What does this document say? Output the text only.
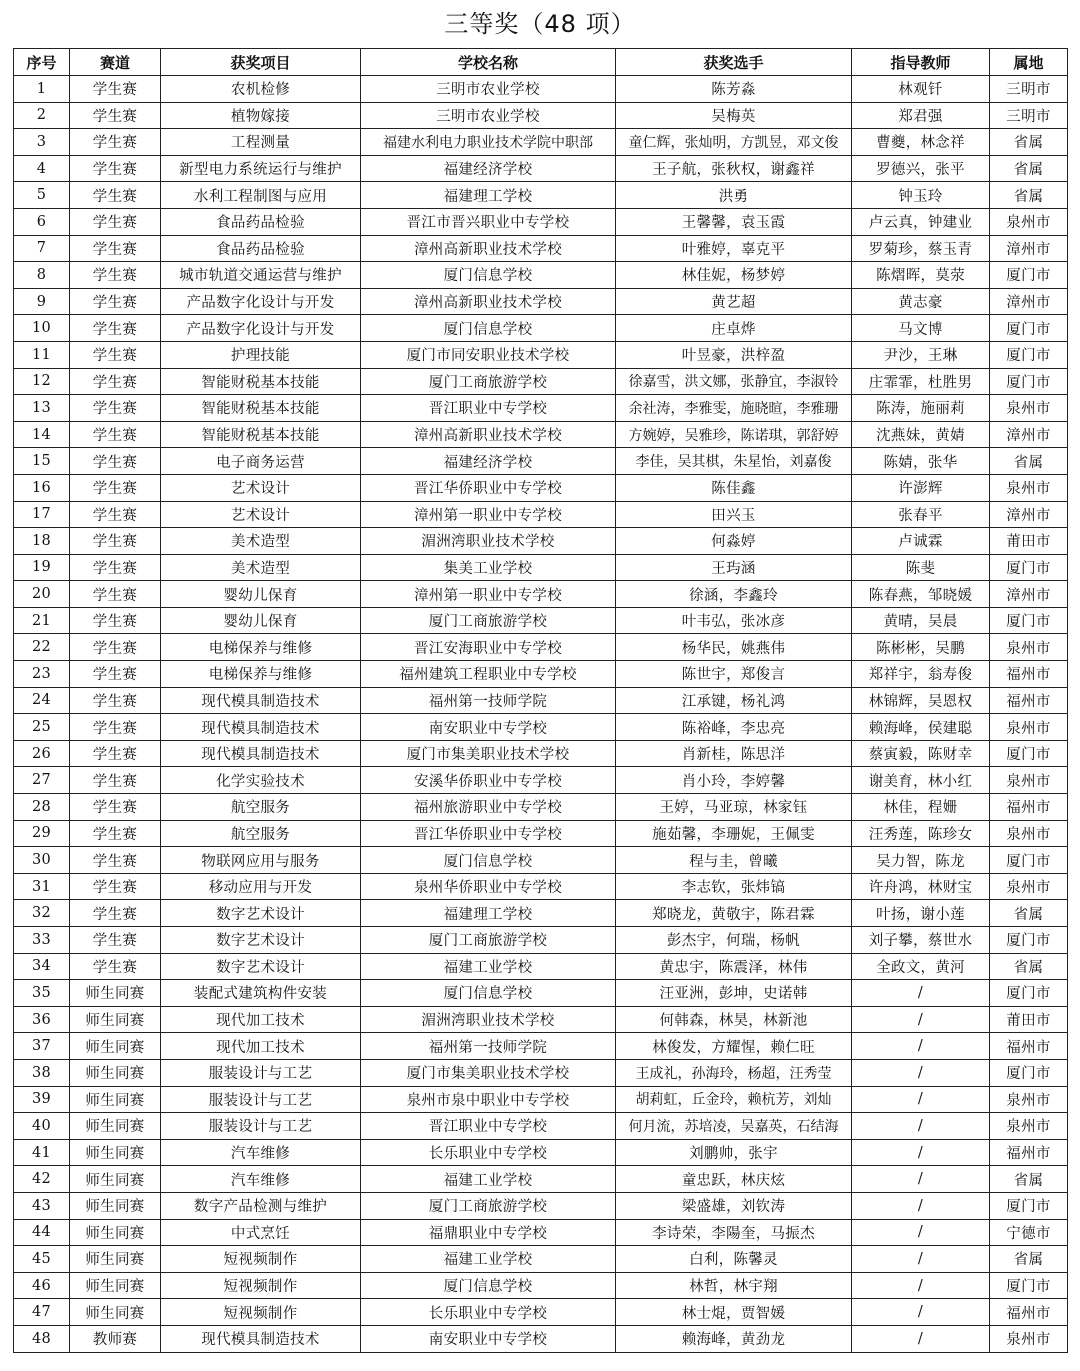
三等奖（48 项）
序号	赛道	获奖项目	学校名称	获奖选手	指导教师	属地
1	学生赛	农机检修	三明市农业学校	陈芳淼	林观钎	三明市
2	学生赛	植物嫁接	三明市农业学校	吴梅英	郑君强	三明市
3	学生赛	工程测量	福建水利电力职业技术学院中职部	童仁辉，张灿明，方凯昱，邓文俊	曹夔，林念祥	省属
4	学生赛	新型电力系统运行与维护	福建经济学校	王子航，张秋权，谢鑫祥	罗德兴，张平	省属
5	学生赛	水利工程制图与应用	福建理工学校	洪勇	钟玉玲	省属
6	学生赛	食品药品检验	晋江市晋兴职业中专学校	王馨馨，袁玉霞	卢云真，钟建业	泉州市
7	学生赛	食品药品检验	漳州高新职业技术学校	叶雅婷，辜克平	罗菊珍，蔡玉青	漳州市
8	学生赛	城市轨道交通运营与维护	厦门信息学校	林佳妮，杨梦婷	陈熠晖，莫荥	厦门市
9	学生赛	产品数字化设计与开发	漳州高新职业技术学校	黄艺超	黄志豪	漳州市
10	学生赛	产品数字化设计与开发	厦门信息学校	庄卓烨	马文博	厦门市
11	学生赛	护理技能	厦门市同安职业技术学校	叶昱豪，洪梓盈	尹沙，王琳	厦门市
12	学生赛	智能财税基本技能	厦门工商旅游学校	徐嘉雪，洪文娜，张静宜，李淑铃	庄霏霏，杜胜男	厦门市
13	学生赛	智能财税基本技能	晋江职业中专学校	余社涛，李雅雯，施晓暄，李雅珊	陈涛，施丽莉	泉州市
14	学生赛	智能财税基本技能	漳州高新职业技术学校	方婉婷，吴雅珍，陈诺琪，郭舒婷	沈燕妹，黄婧	漳州市
15	学生赛	电子商务运营	福建经济学校	李佳，吴其棋，朱星怡，刘嘉俊	陈婧，张华	省属
16	学生赛	艺术设计	晋江华侨职业中专学校	陈佳鑫	许澎辉	泉州市
17	学生赛	艺术设计	漳州第一职业中专学校	田兴玉	张春平	漳州市
18	学生赛	美术造型	湄洲湾职业技术学校	何淼婷	卢诚霖	莆田市
19	学生赛	美术造型	集美工业学校	王玙涵	陈斐	厦门市
20	学生赛	婴幼儿保育	漳州第一职业中专学校	徐涵，李鑫玲	陈春燕，邹晓媛	漳州市
21	学生赛	婴幼儿保育	厦门工商旅游学校	叶韦弘，张冰彦	黄晴，吴晨	厦门市
22	学生赛	电梯保养与维修	晋江安海职业中专学校	杨华民，姚燕伟	陈彬彬，吴鹏	泉州市
23	学生赛	电梯保养与维修	福州建筑工程职业中专学校	陈世宇，郑俊言	郑祥宇，翁寿俊	福州市
24	学生赛	现代模具制造技术	福州第一技师学院	江承键，杨礼鸿	林锦辉，吴恩权	福州市
25	学生赛	现代模具制造技术	南安职业中专学校	陈裕峰，李忠亮	赖海峰，侯建聪	泉州市
26	学生赛	现代模具制造技术	厦门市集美职业技术学校	肖新桂，陈思洋	蔡寅毅，陈财幸	厦门市
27	学生赛	化学实验技术	安溪华侨职业中专学校	肖小玲，李婷馨	谢美育，林小红	泉州市
28	学生赛	航空服务	福州旅游职业中专学校	王婷，马亚琼，林家钰	林佳，程姗	福州市
29	学生赛	航空服务	晋江华侨职业中专学校	施茹馨，李珊妮，王佩雯	汪秀莲，陈珍女	泉州市
30	学生赛	物联网应用与服务	厦门信息学校	程与圭，曾曦	吴力智，陈龙	厦门市
31	学生赛	移动应用与开发	泉州华侨职业中专学校	李志钦，张炜镐	许舟鸿，林财宝	泉州市
32	学生赛	数字艺术设计	福建理工学校	郑晓龙，黄敬宇，陈君霖	叶扬，谢小莲	省属
33	学生赛	数字艺术设计	厦门工商旅游学校	彭杰宇，何瑞，杨帆	刘子攀，蔡世水	厦门市
34	学生赛	数字艺术设计	福建工业学校	黄忠宇，陈震泽，林伟	全政文，黄河	省属
35	师生同赛	装配式建筑构件安装	厦门信息学校	汪亚洲，彭坤，史诺韩	/	厦门市
36	师生同赛	现代加工技术	湄洲湾职业技术学校	何韩森，林昊，林新池	/	莆田市
37	师生同赛	现代加工技术	福州第一技师学院	林俊发，方耀惺，赖仁旺	/	福州市
38	师生同赛	服装设计与工艺	厦门市集美职业技术学校	王成礼，孙海玲，杨超，汪秀莹	/	厦门市
39	师生同赛	服装设计与工艺	泉州市泉中职业中专学校	胡莉虹，丘金玲，赖杭芳，刘灿	/	泉州市
40	师生同赛	服装设计与工艺	晋江职业中专学校	何月流，苏培凌，吴嘉英，石结海	/	泉州市
41	师生同赛	汽车维修	长乐职业中专学校	刘鹏帅，张宇	/	福州市
42	师生同赛	汽车维修	福建工业学校	童忠跃，林庆炫	/	省属
43	师生同赛	数字产品检测与维护	厦门工商旅游学校	梁盛雄，刘钦涛	/	厦门市
44	师生同赛	中式烹饪	福鼎职业中专学校	李诗荣，李陽奎，马振杰	/	宁德市
45	师生同赛	短视频制作	福建工业学校	白利，陈馨灵	/	省属
46	师生同赛	短视频制作	厦门信息学校	林哲，林宇翔	/	厦门市
47	师生同赛	短视频制作	长乐职业中专学校	林士焜，贾智媛	/	福州市
48	教师赛	现代模具制造技术	南安职业中专学校	赖海峰，黄劲龙	/	泉州市
